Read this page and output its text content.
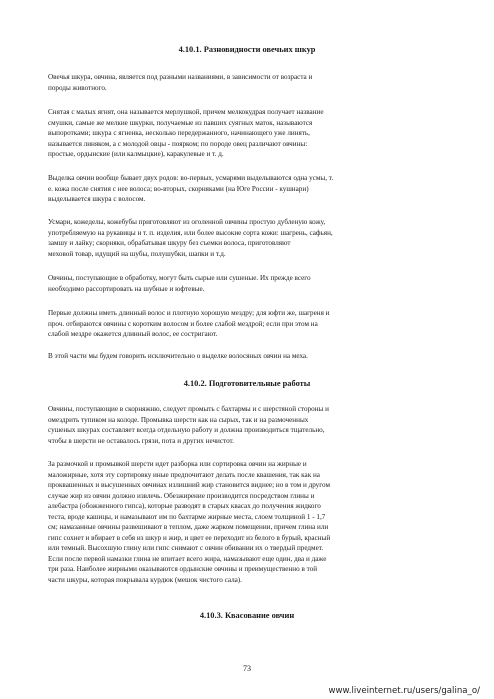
4.10.1. Разновидности овечьих шкур

Овечья шкура, овчина, является под разными названиями, в зависимости от возраста и
породы животного.

Снятая с малых ягнят, она называется мерлушкой, причем мелкокудрая получает название
смушки, самые же мелкие шкурки, получаемые из павших суягных маток, называются
выпоротками; шкура с ягненка, несколько передержанного, начинающего уже линять,
называется линяком, а с молодой овцы - поярком; по породе овец различают овчины:
простые, ордынские (или калмыцкие), каракулевые и т. д.

Выделка овчин вообще бывает двух родов: во-первых, усмарями выделываются одна усмы, т.
е. кожа после снятия с нее волоса; во-вторых, скорняками (на Юге России - кушнари)
выделывается шкура с волосом.

Усмари, кожеделы, кожебубы приготовляют из оголенной овчины простую дубленую кожу,
употребляемую на рукавицы и т. п. изделия, или более высокие сорта кожи: шагрень, сафьян,
замшу и лайку; скорняки, обрабатывая шкуру без съемки волоса, приготовляют
меховой товар, идущий на шубы, полушубки, шапки и т.д.

Овчины, поступающие в обработку, могут быть сырые или сушеные. Их прежде всего
необходимо рассортировать на шубные и юфтевые.

Первые должны иметь длинный волос и плотную хорошую мездру; для юфти же, шагреня и
проч. отбираются овчины с коротким волосом и более слабой мездрой; если при этом на
слабой мездре окажется длинный волос, ее состригают.

В этой части мы будем говорить исключительно о выделке волосяных овчин на меха.

4.10.2. Подготовительные работы

Овчины, поступающие в скорняжню, следует промыть с бахтармы и с шерстяной стороны и
омездрить тупиком на колоде. Промывка шерсти как на сырых, так и на размоченных
сушеных шкурах составляет всегда отдельную работу и должна производиться тщательно,
чтобы в шерсти не оставалось грязи, пота и других нечистот.

За размочкой и промывкой шерсти идет разборка или сортировка овчин на жирные и
маложирные, хотя эту сортировку иные предпочитают делать после квашения, так как на
проквашенных и высушенных овчинах излишний жир становится виднее; но в том и другом
случае жир из овчин должно извлечь. Обезжирение производится посредством глины и
алебастра (обожженного гипса), которые разводят в старых квасах до получения жидкого
теста, вроде кашицы, и намазывают им по бахтарме жирные места, слоем толщиной 1 - 1,7
см; намазанные овчины развешивают в теплом, даже жарком помещении, причем глина или
гипс сохнет и вбирает в себя из шкур и жир, и цвет ее переходит из белого в бурый, красный
или темный. Высохшую глину или гипс снимают с овчин обивании их о твердый предмет.
Если после первой намазки глина не впитает всего жира, намазывают еще один, два и даже
три раза. Наиболее жирными оказываются ордынские овчины и преимущественно в той
части шкуры, которая покрывала курдюк (мешок чистого сала).

4.10.3. Квасование овчин
73
www.liveinternet.ru/users/galina_o/
